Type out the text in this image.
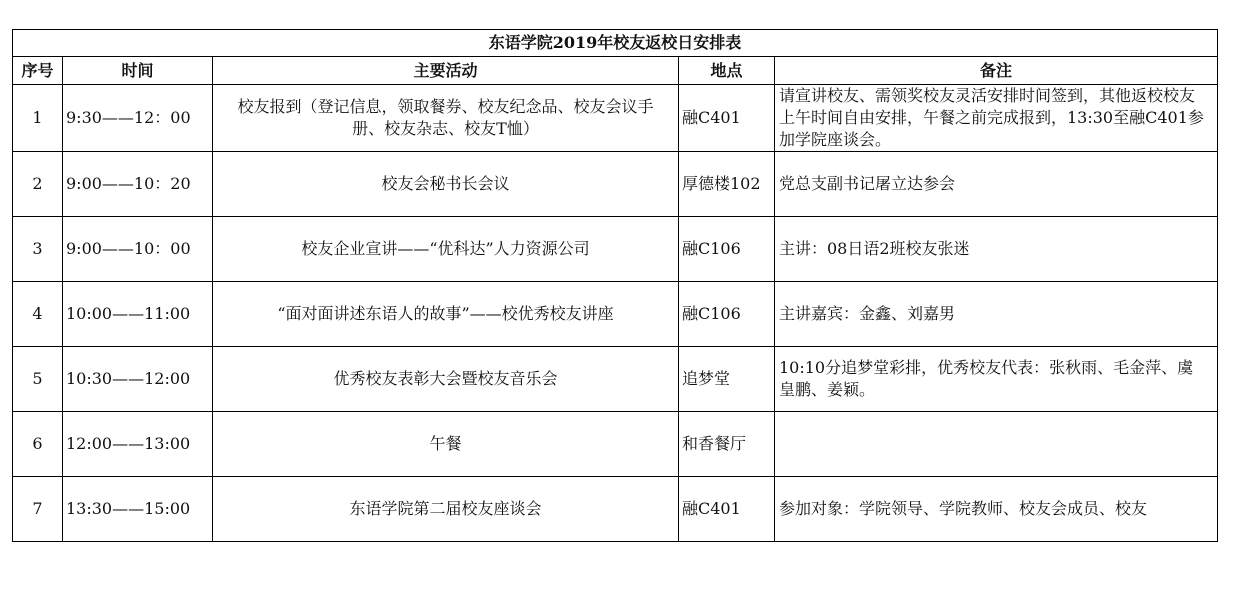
东语学院2019年校友返校日安排表				
序号	时间	主要活动	地点	备注
1	9:30——12：00	校友报到（登记信息，领取餐券、校友纪念品、校友会议手册、校友杂志、校友T恤）	融C401	请宣讲校友、需领奖校友灵活安排时间签到，其他返校校友上午时间自由安排，午餐之前完成报到，13:30至融C401参加学院座谈会。
2	9:00——10：20	校友会秘书长会议	厚德楼102	党总支副书记屠立达参会
3	9:00——10：00	校友企业宣讲——“优科达”人力资源公司	融C106	主讲：08日语2班校友张迷
4	10:00——11:00	“面对面讲述东语人的故事”——校优秀校友讲座	融C106	主讲嘉宾：金鑫、刘嘉男
5	10:30——12:00	优秀校友表彰大会暨校友音乐会	追梦堂	10:10分追梦堂彩排，优秀校友代表：张秋雨、毛金萍、虞皇鹏、姜颖。
6	12:00——13:00	午餐	和香餐厅	
7	13:30——15:00	东语学院第二届校友座谈会	融C401	参加对象：学院领导、学院教师、校友会成员、校友
